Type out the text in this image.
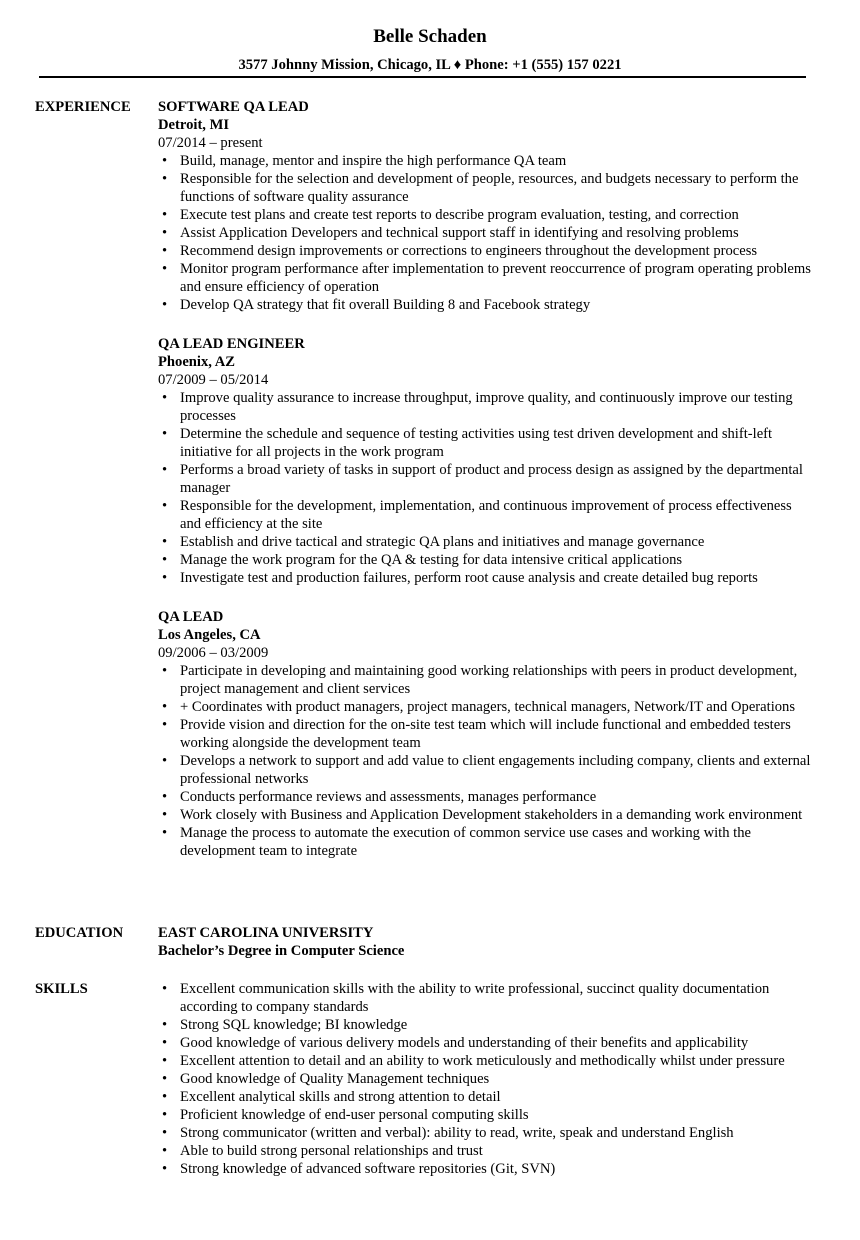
Belle Schaden
3577 Johnny Mission, Chicago, IL ♦ Phone: +1 (555) 157 0221
EXPERIENCE SOFTWARE QA LEAD
Detroit, MI
07/2014 – present
• Build, manage, mentor and inspire the high performance QA team
• Responsible for the selection and development of people, resources, and budgets necessary to perform the functions of software quality assurance
• Execute test plans and create test reports to describe program evaluation, testing, and correction
• Assist Application Developers and technical support staff in identifying and resolving problems
• Recommend design improvements or corrections to engineers throughout the development process
• Monitor program performance after implementation to prevent reoccurrence of program operating problems and ensure efficiency of operation
• Develop QA strategy that fit overall Building 8 and Facebook strategy
QA LEAD ENGINEER
Phoenix, AZ
07/2009 – 05/2014
• Improve quality assurance to increase throughput, improve quality, and continuously improve our testing processes
• Determine the schedule and sequence of testing activities using test driven development and shift-left initiative for all projects in the work program
• Performs a broad variety of tasks in support of product and process design as assigned by the departmental manager
• Responsible for the development, implementation, and continuous improvement of process effectiveness and efficiency at the site
• Establish and drive tactical and strategic QA plans and initiatives and manage governance
• Manage the work program for the QA & testing for data intensive critical applications
• Investigate test and production failures, perform root cause analysis and create detailed bug reports
QA LEAD
Los Angeles, CA
09/2006 – 03/2009
• Participate in developing and maintaining good working relationships with peers in product development, project management and client services
• + Coordinates with product managers, project managers, technical managers, Network/IT and Operations
• Provide vision and direction for the on-site test team which will include functional and embedded testers working alongside the development team
• Develops a network to support and add value to client engagements including company, clients and external professional networks
• Conducts performance reviews and assessments, manages performance
• Work closely with Business and Application Development stakeholders in a demanding work environment
• Manage the process to automate the execution of common service use cases and working with the development team to integrate
EDUCATION EAST CAROLINA UNIVERSITY
Bachelor’s Degree in Computer Science
SKILLS
•	Excellent communication skills with the ability to write professional, succinct quality documentation according to company standards
• Strong SQL knowledge; BI knowledge
• Good knowledge of various delivery models and understanding of their benefits and applicability
• Excellent attention to detail and an ability to work meticulously and methodically whilst under pressure
• Good knowledge of Quality Management techniques
• Excellent analytical skills and strong attention to detail
• Proficient knowledge of end-user personal computing skills
• Strong communicator (written and verbal): ability to read, write, speak and understand English
• Able to build strong personal relationships and trust
• Strong knowledge of advanced software repositories (Git, SVN)
